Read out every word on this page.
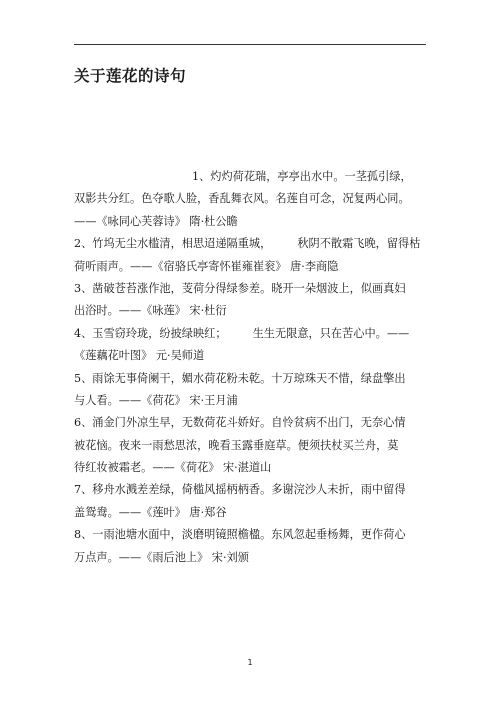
关于莲花的诗句
1、灼灼荷花瑞，亭亭出水中。一茎孤引绿，
双影共分红。色夺歌人脸，香乱舞衣风。名莲自可念，况复两心同。
——《咏同心芙蓉诗》 隋·杜公瞻
2、竹坞无尘水槛清，相思迢递隔重城， 秋阴不散霜飞晚，留得枯
荷听雨声。——《宿骆氏亭寄怀崔雍崔衮》 唐·李商隐
3、凿破苍苔涨作池，芰荷分得绿参差。晓开一朵烟波上，似画真妇
出浴时。——《咏莲》 宋·杜衍
4、玉雪窃玲珑，纷披绿映红； 生生无限意，只在苦心中。——
《莲藕花叶图》 元·吴师道
5、雨馀无事倚阑干，媚水荷花粉未乾。十万琼珠天不惜，绿盘擎出
与人看。——《荷花》 宋·王月浦
6、涌金门外凉生早，无数荷花斗娇好。自怜贫病不出门，无奈心情
被花恼。夜来一雨愁思浓，晚看玉露垂庭草。便须扶杖买兰舟，莫
待红妆被霜老。——《荷花》 宋·湛道山
7、移舟水溅差差绿，倚槛风摇柄柄香。多谢浣沙人未折，雨中留得
盖鸳鸯。——《莲叶》 唐·郑谷
8、一雨池塘水面中，淡磨明镜照檐楹。东风忽起垂杨舞，更作荷心
万点声。——《雨后池上》 宋·刘颁
1
